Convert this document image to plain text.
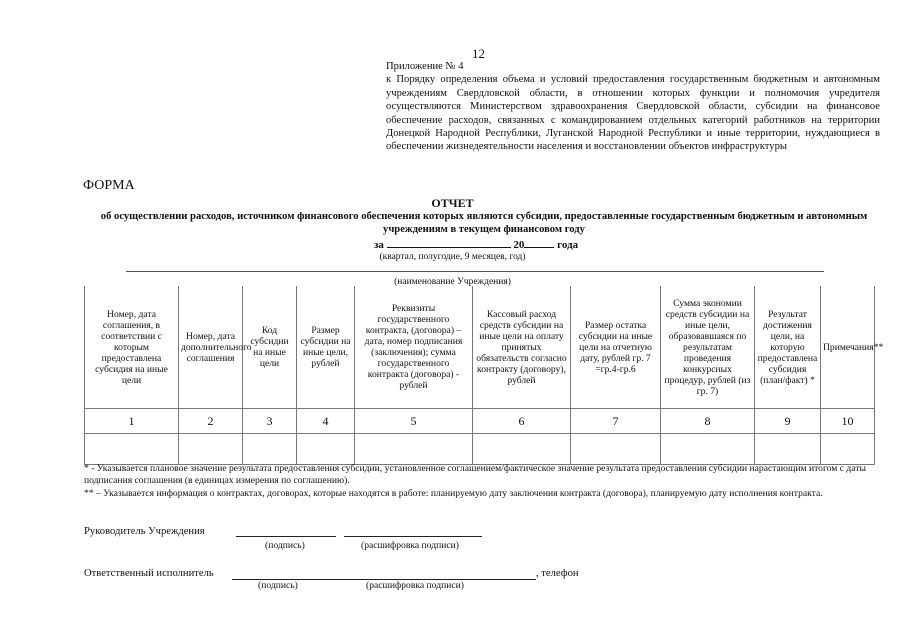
12
Приложение № 4
к Порядку определения объема и условий предоставления государственным бюджетным и автономным учреждениям Свердловской области, в отношении которых функции и полномочия учредителя осуществляются Министерством здравоохранения Свердловской области, субсидии на финансовое обеспечение расходов, связанных с командированием отдельных категорий работников на территории Донецкой Народной Республики, Луганской Народной Республики и иные территории, нуждающиеся в обеспечении жизнедеятельности населения и восстановлении объектов инфраструктуры
ФОРМА
ОТЧЕТ
об осуществлении расходов, источником финансового обеспечения которых являются субсидии, предоставленные государственным бюджетным и автономным учреждениям в текущем финансовом году
за	20	года
(квартал, полугодие, 9 месяцев, год)
(наименование Учреждения)
Номер, дата соглашения, в соответствии с которым предоставлена субсидия на иные цели	Номер, дата дополнительного соглашения	Код субсидии на иные цели	Размер субсидии на иные цели, рублей	Реквизиты государственного контракта, (договора) – дата, номер подписания (заключения); сумма государственного контракта (договора) - рублей	Кассовый расход средств субсидии на иные цели на оплату принятых обязательств согласно контракту (договору), рублей	Размер остатка субсидии на иные цели на отчетную дату, рублей гр. 7 =гр.4-гр.6	Сумма экономии средств субсидии на иные цели, образовавшаяся по результатам проведения конкурсных процедур, рублей (из гр. 7)	Результат достижения цели, на которую предоставлена субсидия (план/факт) *	Примечания**
1	2	3	4	5	6	7	8	9	10

* - Указывается плановое значение результата предоставления субсидии, установленное соглашением/фактическое значение результата предоставления субсидии нарастающим итогом с даты подписания соглашения (в единицах измерения по соглашению).
** – Указывается информация о контрактах, договорах, которые находятся в работе: планируемую дату заключения контракта (договора), планируемую дату исполнения контракта.
Руководитель Учреждения
(подпись)	(расшифровка подписи)
Ответственный исполнитель	, телефон
(подпись)	(расшифровка подписи)
